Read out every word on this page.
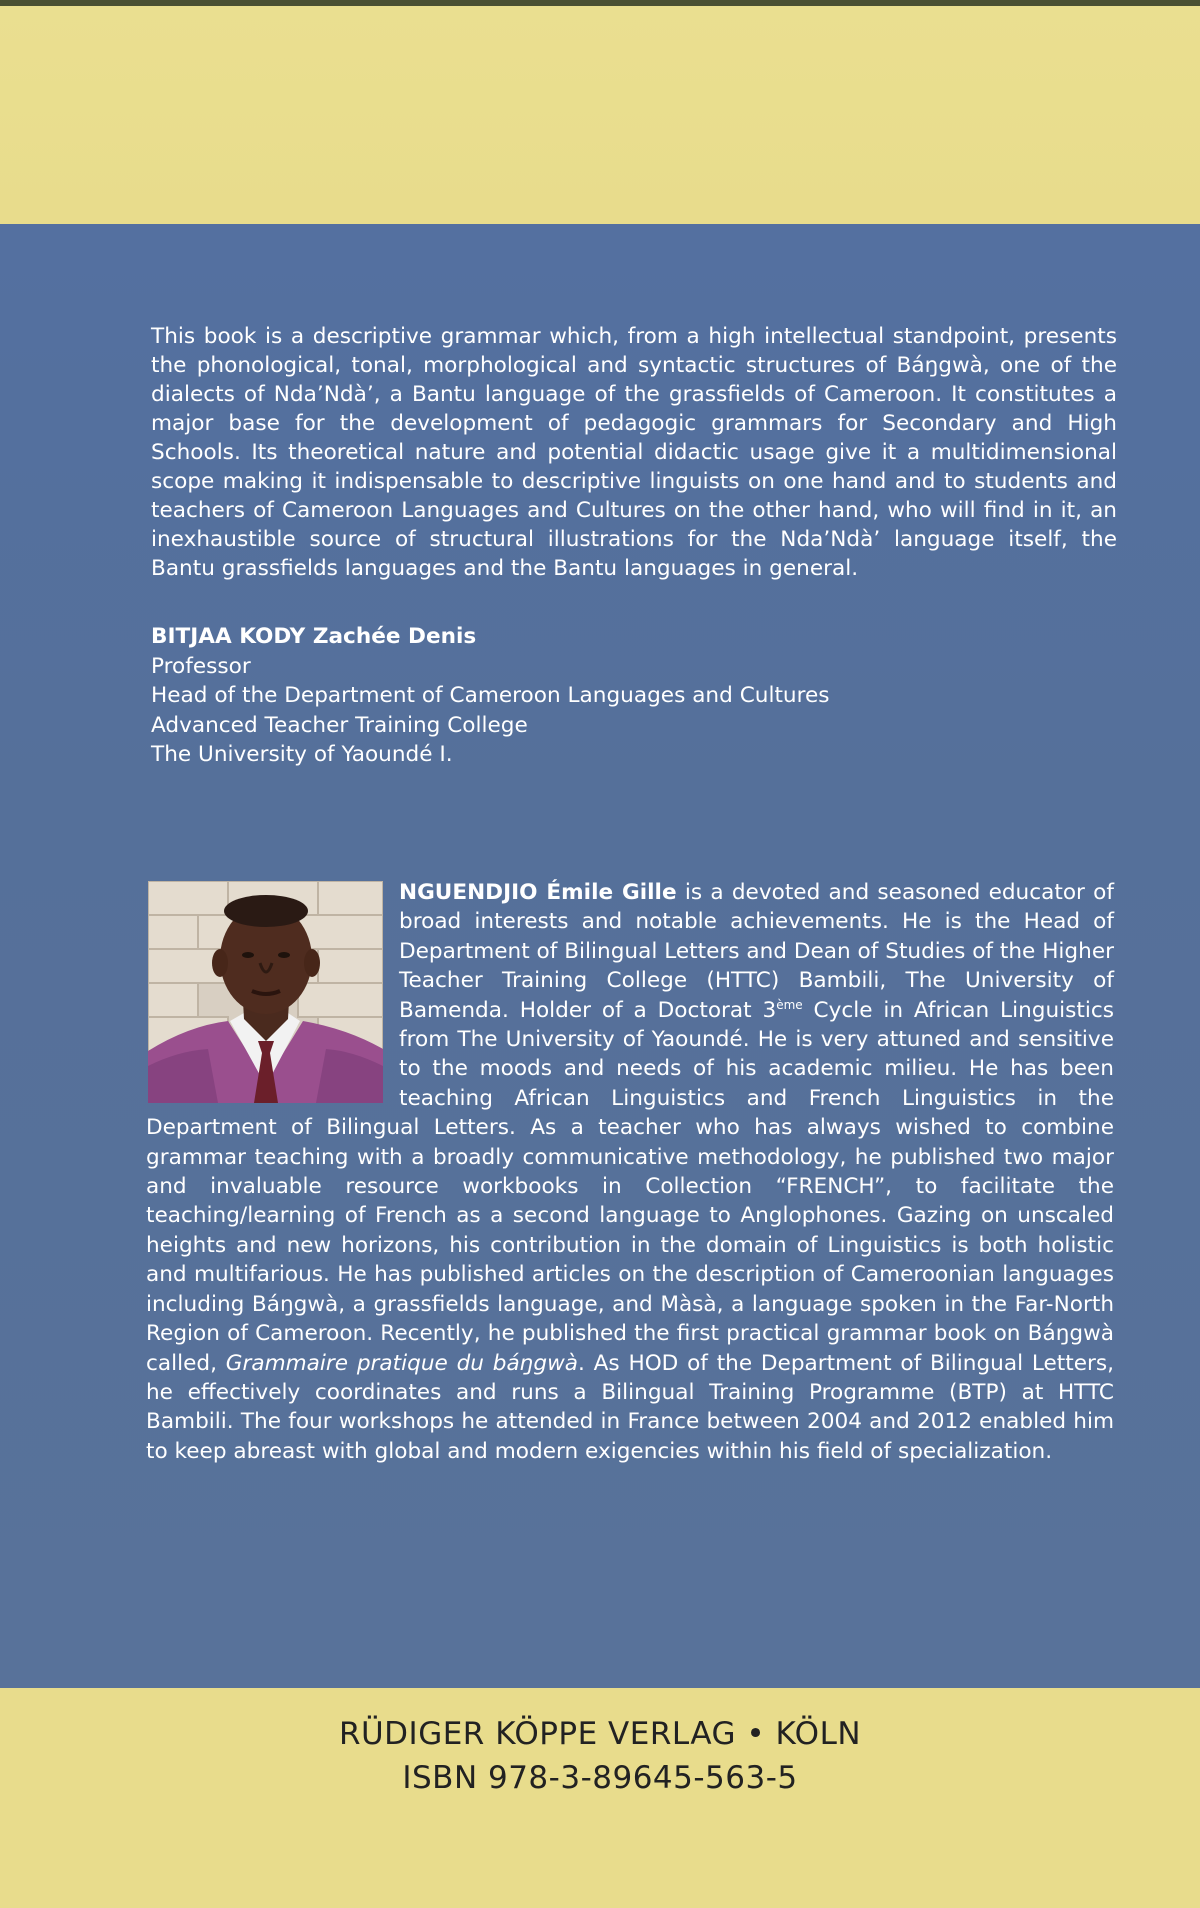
This book is a descriptive grammar which, from a high intellectual standpoint, presents the phonological, tonal, morphological and syntactic structures of Báŋgwà, one of the dialects of Nda’Ndà’, a Bantu language of the grassfields of Cameroon. It constitutes a major base for the development of pedagogic grammars for Secondary and High Schools. Its theoretical nature and potential didactic usage give it a multidimensional scope making it indispensable to descriptive linguists on one hand and to students and teachers of Cameroon Languages and Cultures on the other hand, who will find in it, an inexhaustible source of structural illustrations for the Nda’Ndà’ language itself, the Bantu grassfields languages and the Bantu languages in general.

BITJAA KODY Zachée Denis
Professor
Head of the Department of Cameroon Languages and Cultures
Advanced Teacher Training College
The University of Yaoundé I.
NGUENDJIO Émile Gille is a devoted and seasoned educator of broad interests and notable achievements. He is the Head of Department of Bilingual Letters and Dean of Studies of the Higher Teacher Training College (HTTC) Bambili, The University of Bamenda. Holder of a Doctorat 3ème Cycle in African Linguistics from The University of Yaoundé. He is very attuned and sensitive to the moods and needs of his academic milieu. He has been teaching African Linguistics and French Linguistics in the Department of Bilingual Letters. As a teacher who has always wished to combine grammar teaching with a broadly communicative methodology, he published two major and invaluable resource workbooks in Collection “FRENCH”, to facilitate the teaching/learning of French as a second language to Anglophones. Gazing on unscaled heights and new horizons, his contribution in the domain of Linguistics is both holistic and multifarious. He has published articles on the description of Cameroonian languages including Báŋgwà, a grassfields language, and Màsà, a language spoken in the Far-North Region of Cameroon. Recently, he published the first practical grammar book on Báŋgwà called, Grammaire pratique du báŋgwà. As HOD of the Department of Bilingual Letters, he effectively coordinates and runs a Bilingual Training Programme (BTP) at HTTC Bambili. The four workshops he attended in France between 2004 and 2012 enabled him to keep abreast with global and modern exigencies within his field of specialization.
RÜDIGER KÖPPE VERLAG • KÖLN
ISBN 978-3-89645-563-5
